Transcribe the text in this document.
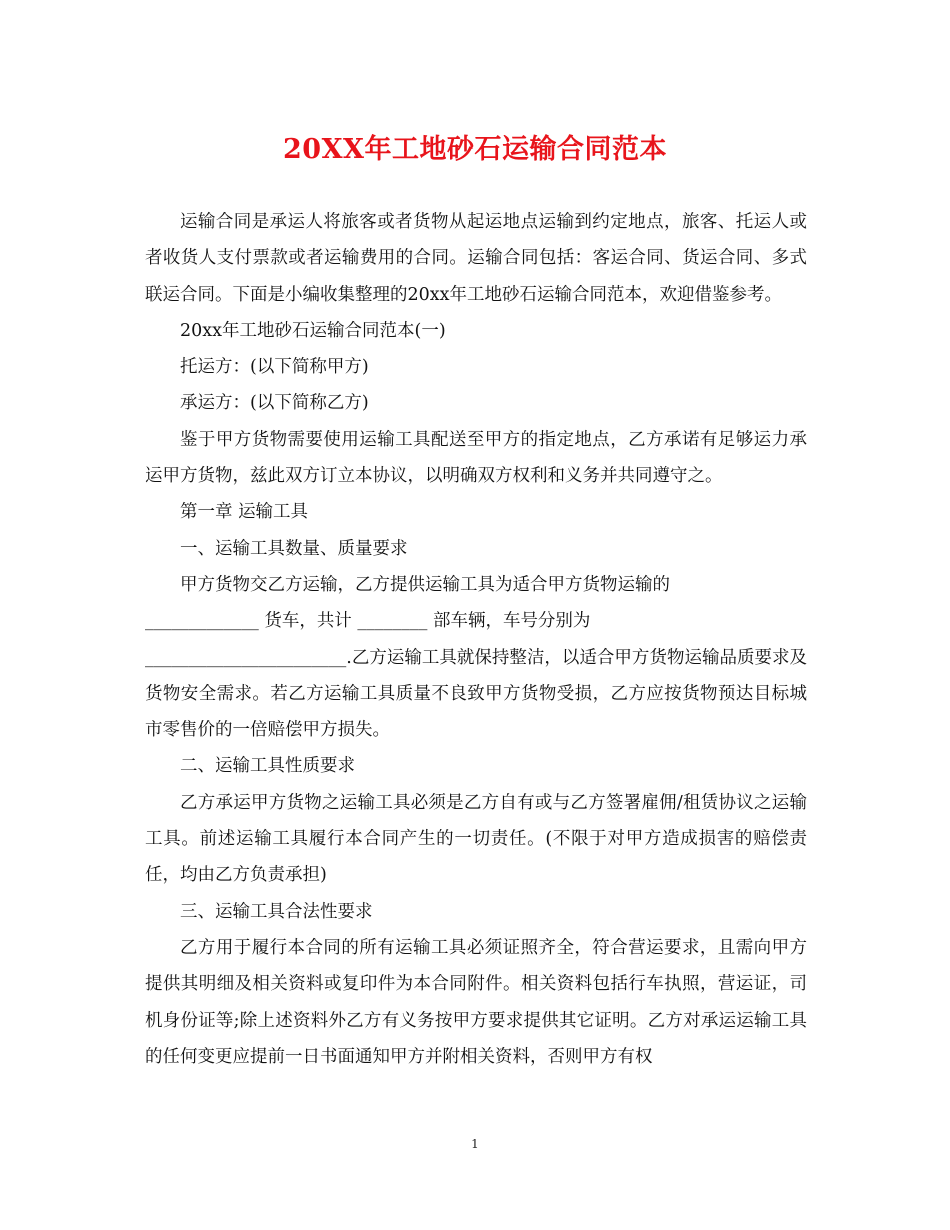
20XX年工地砂石运输合同范本

运输合同是承运人将旅客或者货物从起运地点运输到约定地点，旅客、托运人或者收货人支付票款或者运输费用的合同。运输合同包括：客运合同、货运合同、多式联运合同。下面是小编收集整理的20xx年工地砂石运输合同范本，欢迎借鉴参考。

20xx年工地砂石运输合同范本(一)

托运方：(以下简称甲方)

承运方：(以下简称乙方)

鉴于甲方货物需要使用运输工具配送至甲方的指定地点，乙方承诺有足够运力承运甲方货物，兹此双方订立本协议，以明确双方权利和义务并共同遵守之。

第一章 运输工具

一、运输工具数量、质量要求

甲方货物交乙方运输，乙方提供运输工具为适合甲方货物运输的

_____________ 货车，共计 ________ 部车辆，车号分别为

_______________________.乙方运输工具就保持整洁，以适合甲方货物运输品质要求及货物安全需求。若乙方运输工具质量不良致甲方货物受损，乙方应按货物预达目标城市零售价的一倍赔偿甲方损失。

二、运输工具性质要求

乙方承运甲方货物之运输工具必须是乙方自有或与乙方签署雇佣/租赁协议之运输工具。前述运输工具履行本合同产生的一切责任。(不限于对甲方造成损害的赔偿责任，均由乙方负责承担)

三、运输工具合法性要求

乙方用于履行本合同的所有运输工具必须证照齐全，符合营运要求，且需向甲方提供其明细及相关资料或复印件为本合同附件。相关资料包括行车执照，营运证，司机身份证等;除上述资料外乙方有义务按甲方要求提供其它证明。乙方对承运运输工具的任何变更应提前一日书面通知甲方并附相关资料，否则甲方有权

1
